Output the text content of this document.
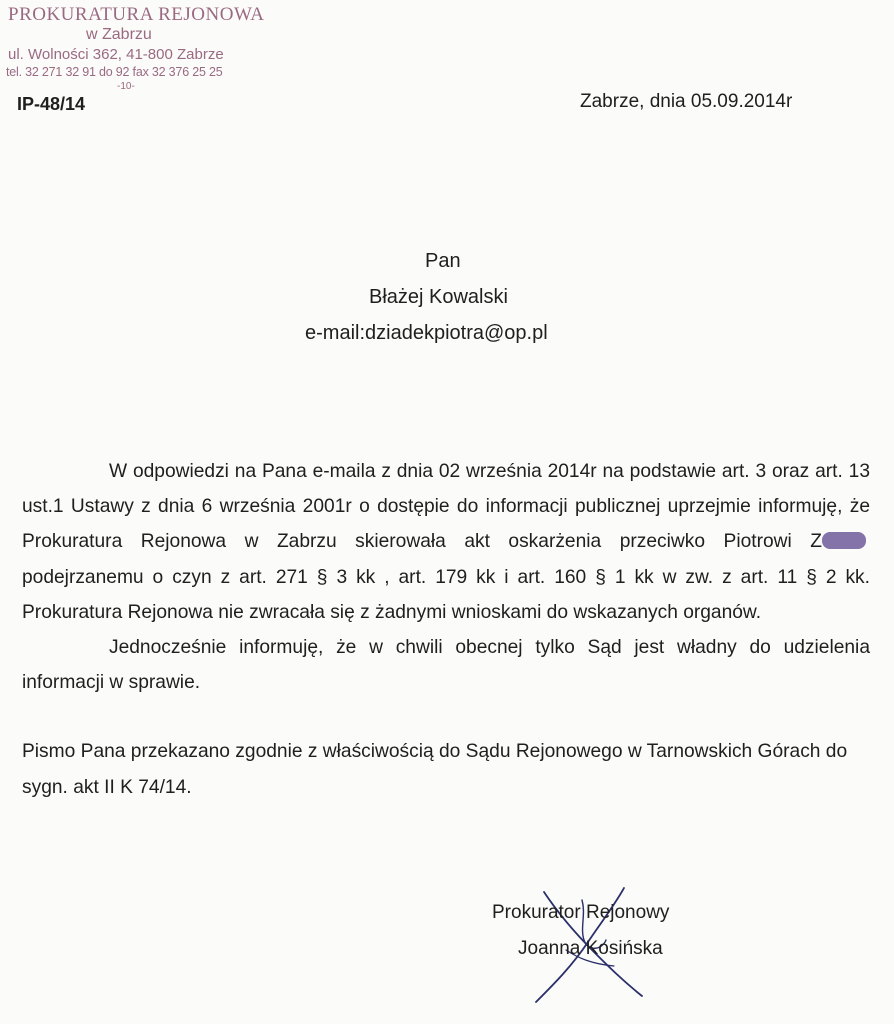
PROKURATURA REJONOWA
w Zabrzu
ul. Wolności 362, 41-800 Zabrze
tel. 32 271 32 91 do 92 fax 32 376 25 25
-10-
IP-48/14	Zabrze, dnia 05.09.2014r
Pan
Błażej Kowalski
e-mail:dziadekpiotra@op.pl

W odpowiedzi na Pana e-maila z dnia 02 września 2014r na podstawie art. 3 oraz art. 13 ust.1 Ustawy z dnia 6 września 2001r o dostępie do informacji publicznej uprzejmie informuję, że Prokuratura Rejonowa w Zabrzu skierowała akt oskarżenia przeciwko Piotrowi Zpodejrzanemu o czyn z art. 271 § 3 kk , art. 179 kk i art. 160 § 1 kk w zw. z art. 11 § 2 kk. Prokuratura Rejonowa nie zwracała się z żadnymi wnioskami do wskazanych organów.

Jednocześnie informuję, że w chwili obecnej tylko Sąd jest władny do udzielenia informacji w sprawie.

Pismo Pana przekazano zgodnie z właściwością do Sądu Rejonowego w Tarnowskich Górach do sygn. akt II K 74/14.

Prokurator Rejonowy
Joanna Kosińska
